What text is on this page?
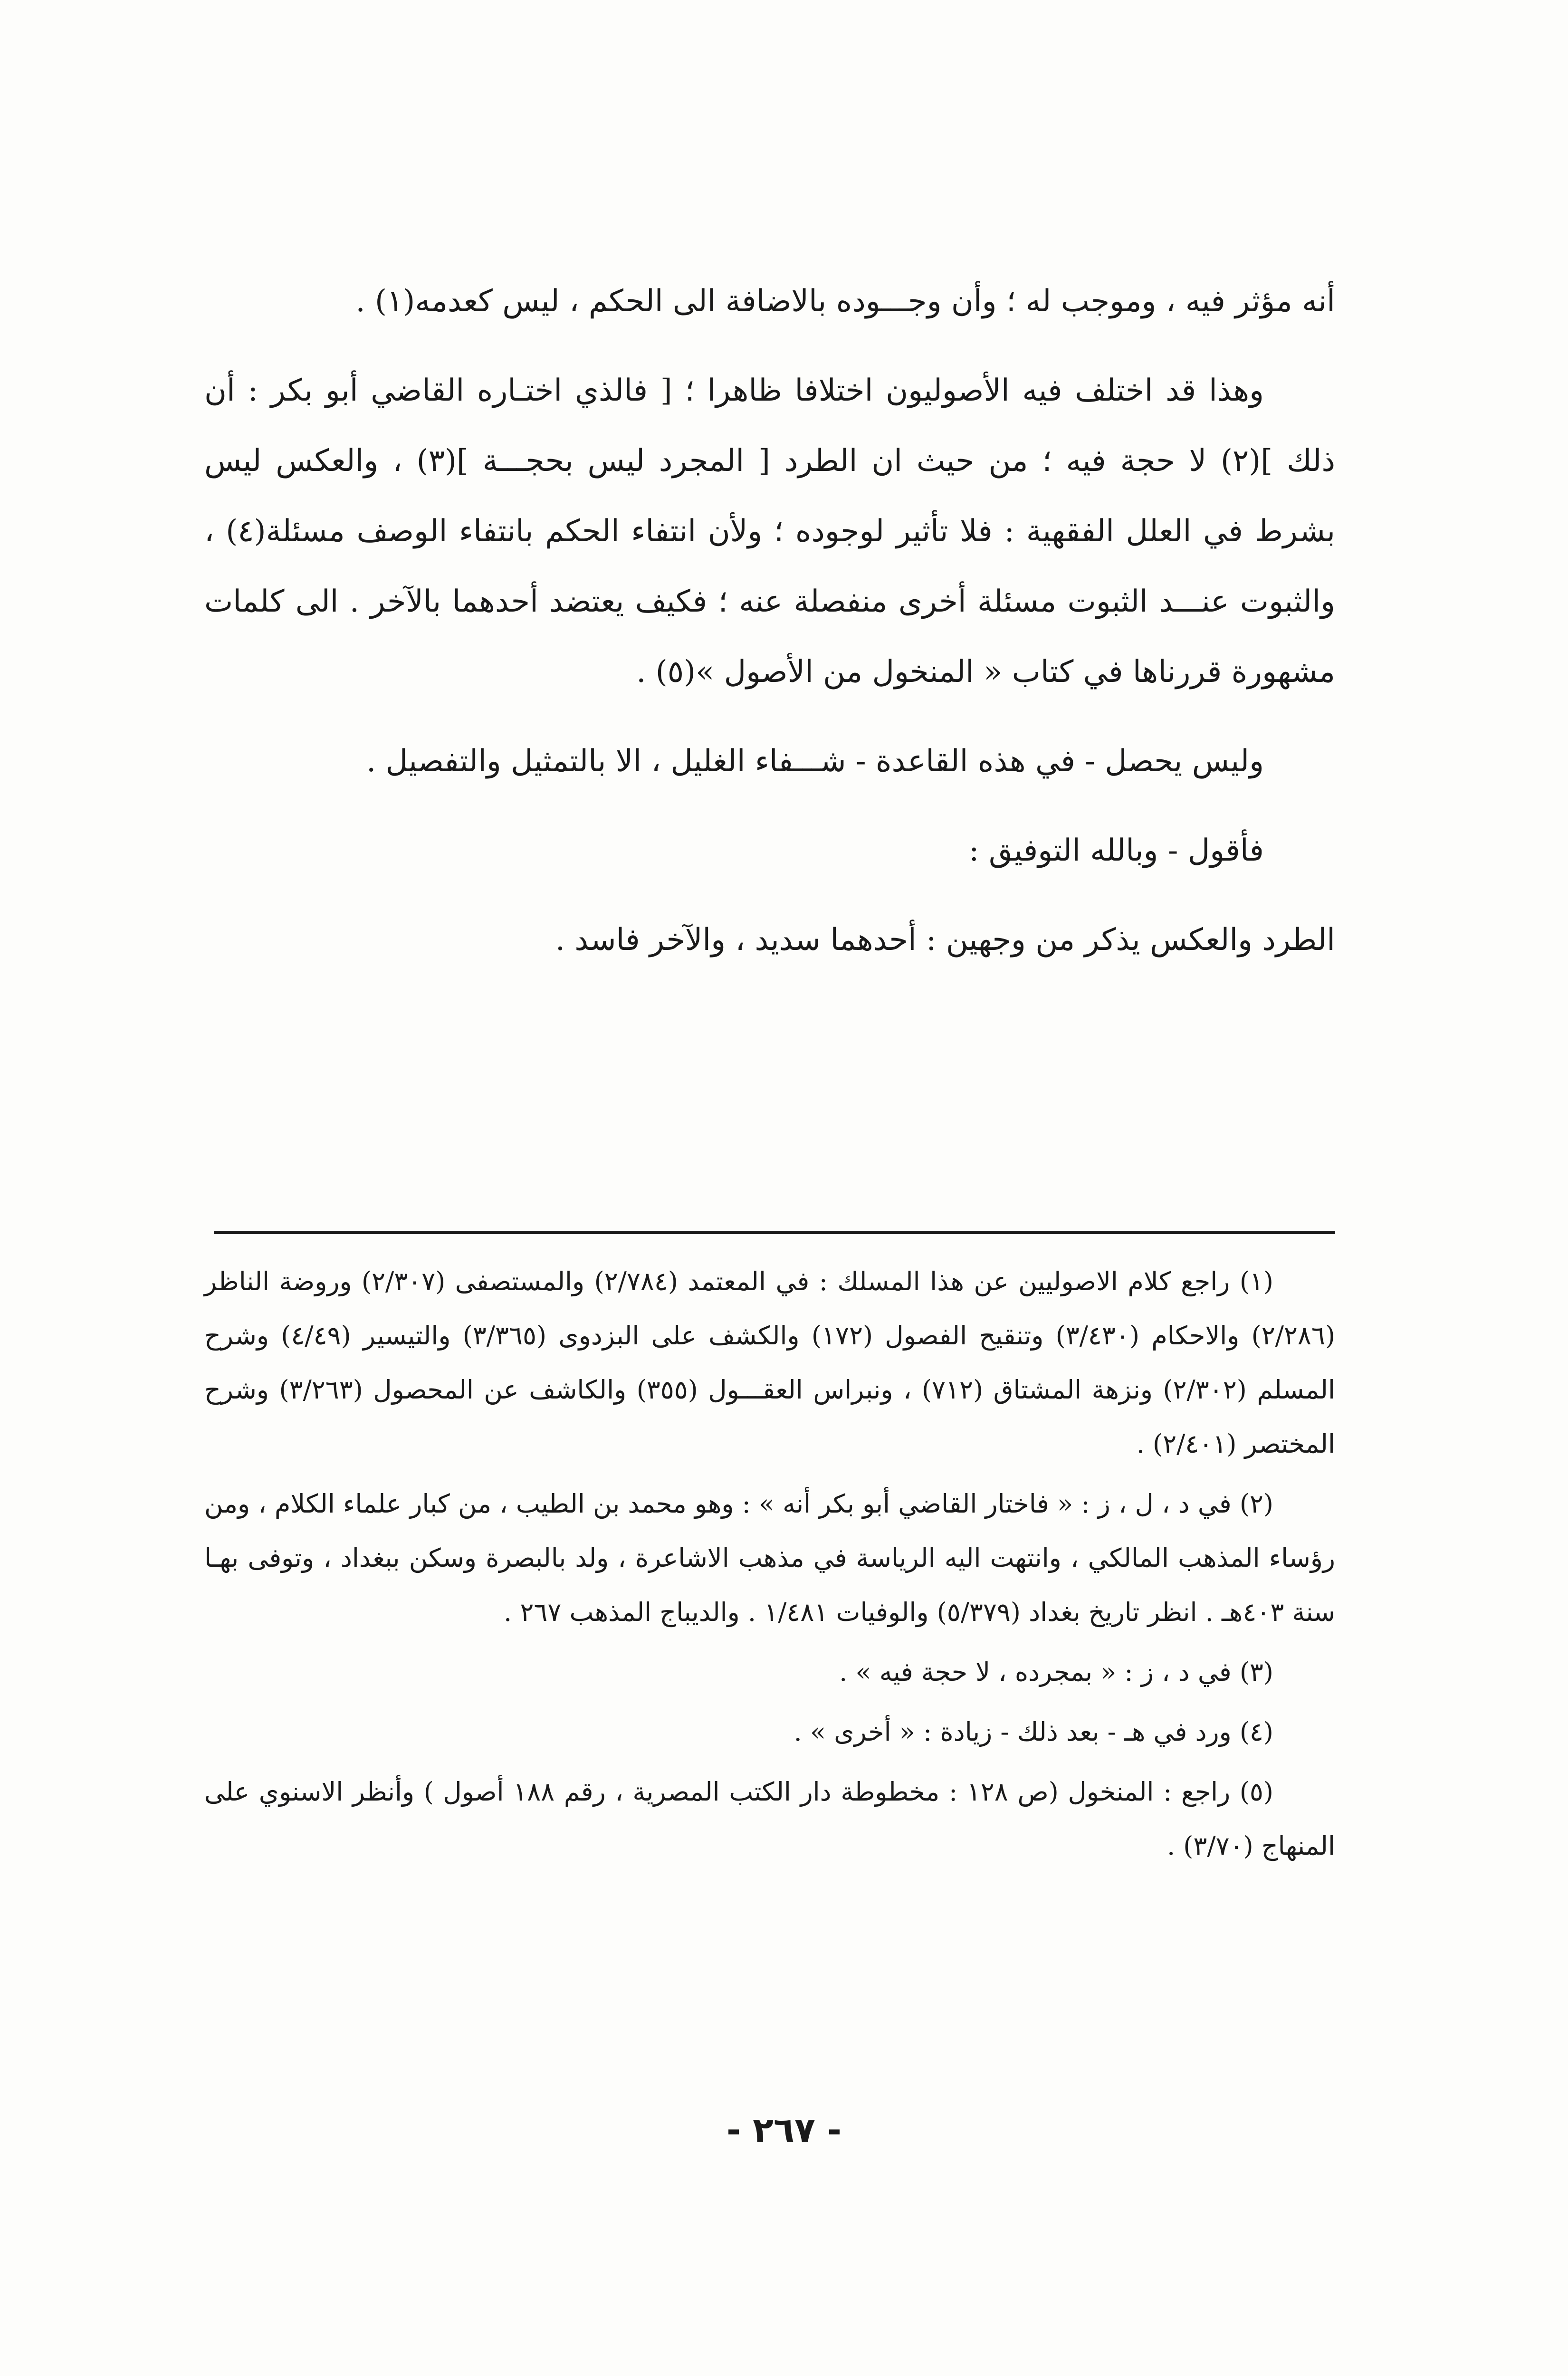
أنه مؤثر فيه ، وموجب له ؛ وأن وجـــوده بالاضافة الى الحكم ، ليس كعدمه(١) .

وهذا قد اختلف فيه الأصوليون اختلافا ظاهرا ؛ [ فالذي اختـاره القاضي أبو بكر : أن ذلك ](٢) لا حجة فيه ؛ من حيث ان الطرد [ المجرد ليس بحجـــة ](٣) ، والعكس ليس بشرط في العلل الفقهية : فلا تأثير لوجوده ؛ ولأن انتفاء الحكم بانتفاء الوصف مسئلة(٤) ، والثبوت عنـــد الثبوت مسئلة أخرى منفصلة عنه ؛ فكيف يعتضد أحدهما بالآخر . الى كلمات مشهورة قررناها في كتاب « المنخول من الأصول »(٥) .

وليس يحصل - في هذه القاعدة - شـــفاء الغليل ، الا بالتمثيل والتفصيل .

فأقول - وبالله التوفيق :

الطرد والعكس يذكر من وجهين : أحدهما سديد ، والآخر فاسد .

(١) راجع كلام الاصوليين عن هذا المسلك : في المعتمد (٢/٧٨٤) والمستصفى (٢/٣٠٧) وروضة الناظر (٢/٢٨٦) والاحكام (٣/٤٣٠) وتنقيح الفصول (١٧٢) والكشف على البزدوى (٣/٣٦٥) والتيسير (٤/٤٩) وشرح المسلم (٢/٣٠٢) ونزهة المشتاق (٧١٢) ، ونبراس العقـــول (٣٥٥) والكاشف عن المحصول (٣/٢٦٣) وشرح المختصر (٢/٤٠١) .

(٢) في د ، ل ، ز : « فاختار القاضي أبو بكر أنه » : وهو محمد بن الطيب ، من كبار علماء الكلام ، ومن رؤساء المذهب المالكي ، وانتهت اليه الرياسة في مذهب الاشاعرة ، ولد بالبصرة وسكن ببغداد ، وتوفى بهـا سنة ٤٠٣هـ . انظر تاريخ بغداد (٥/٣٧٩) والوفيات ١/٤٨١ . والديباج المذهب ٢٦٧ .

(٣) في د ، ز : « بمجرده ، لا حجة فيه » .

(٤) ورد في هـ - بعد ذلك - زيادة : « أخرى » .

(٥) راجع : المنخول (ص ١٢٨ : مخطوطة دار الكتب المصرية ، رقم ١٨٨ أصول ) وأنظر الاسنوي على المنهاج (٣/٧٠) .

- ٢٦٧ -
